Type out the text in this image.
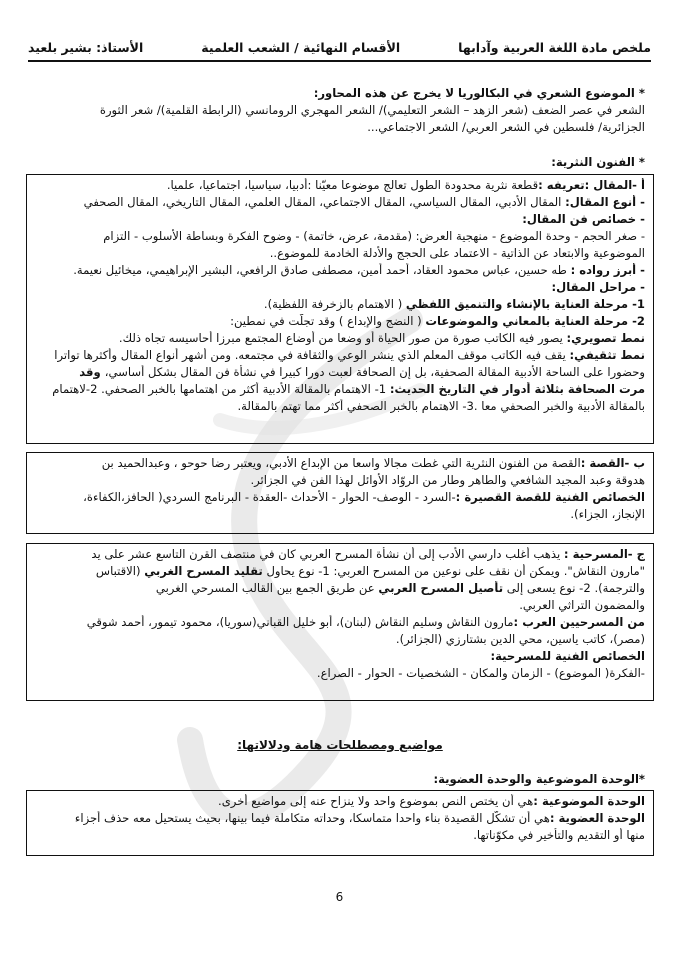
ملخص مادة اللغة العربية وآدابها
الأقسام النهائية / الشعب العلمية
الأستاذ: بشير بلعيد
* الموضوع الشعري في البكالوريا لا يخرج عن هذه المحاور:
الشعر في عصر الضعف (شعر الزهد – الشعر التعليمي)/ الشعر المهجري الرومانسي (الرابطة القلمية)/ شعر الثورة
الجزائرية/ فلسطين في الشعر العربي/ الشعر الاجتماعي...
* الفنون النثرية:
أ -المقال :تعريفه :قطعة نثرية محدودة الطول تعالج موضوعا معيّنا :أدبيا، سياسيا، اجتماعيا، علميا.
- أنوع المقال: المقال الأدبي، المقال السياسي، المقال الاجتماعي، المقال العلمي، المقال التاريخي، المقال الصحفي
- خصائص فن المقال:
- صغر الحجم - وحدة الموضوع - منهجية العرض: (مقدمة، عرض، خاتمة) - وضوح الفكرة وبساطة الأسلوب - التزام
الموضوعية والابتعاد عن الذاتية - الاعتماد على الحجج والأدلة الخادمة للموضوع..
- أبرز رواده : طه حسين، عباس محمود العقاد، أحمد أمين، مصطفى صادق الرافعي، البشير الإبراهيمي، ميخائيل نعيمة.
- مراحل المقال:
1- مرحلة العناية بالإنشاء والتنميق اللفظي ( الاهتمام بالزخرفة اللفظية).
2- مرحلة العناية بالمعاني والموضوعات ( النضج والإبداع ) وقد تجلّت في نمطين:
نمط تصويري: يصور فيه الكاتب صورة من صور الحياة أو وضعا من أوضاع المجتمع مبرزا أحاسيسه تجاه ذلك.
نمط تثقيفي: يقف فيه الكاتب موقف المعلم الذي ينشر الوعي والثقافة في مجتمعه. ومن أشهر أنواع المقال وأكثرها تواترا
وحضورا على الساحة الأدبية المقالة الصحفية، بل إن الصحافة لعبت دورا كبيرا في نشأة فن المقال بشكل أساسي، وقد
مرت الصحافة بثلاثة أدوار في التاريخ الحديث: 1- الاهتمام بالمقالة الأدبية أكثر من اهتمامها بالخبر الصحفي. 2-لاهتمام
بالمقالة الأدبية والخبر الصحفي معا .3- الاهتمام بالخبر الصحفي أكثر مما تهتم بالمقالة.
ب -القصة :القصة من الفنون النثرية التي غطت مجالا واسعا من الإبداع الأدبي، ويعتبر رضا حوحو ، وعبدالحميد بن
هدوقة وعبد المجيد الشافعي والطاهر وطار من الروّاد الأوائل لهذا الفن في الجزائر.
الخصائص الفنية للقصة القصيرة :-السرد - الوصف- الحوار - الأحداث -العقدة - البرنامج السردي( الحافز،الكفاءة،
الإنجاز، الجزاء).
ج -المسرحية : يذهب أغلب دارسي الأدب إلى أن نشأة المسرح العربي كان في منتصف القرن التاسع عشر على يد
"مارون النقاش". ويمكن أن نقف على نوعين من المسرح العربي: 1- نوع يحاول تقليد المسرح الغربي (الاقتباس
والترجمة). 2- نوع يسعى إلى تأصيل المسرح العربي عن طريق الجمع بين القالب المسرحي الغربي
والمضمون التراثي العربي.
من المسرحيين العرب :مارون النقاش وسليم النقاش (لبنان)، أبو خليل القباني(سوريا)، محمود تيمور، أحمد شوقي
(مصر)، كاتب ياسين، محي الدين بشتارزي (الجزائر).
الخصائص الفنية للمسرحية:
-الفكرة( الموضوع) - الزمان والمكان - الشخصيات - الحوار - الصراع.
مواضيع ومصطلحات هامة ودلالاتها:
*الوحدة الموضوعية والوحدة العضوية:
الوحدة الموضوعية :هي أن يختص النص بموضوع واحد ولا ينزاح عنه إلى مواضيع أخرى.
الوحدة العضوية :هي أن تشكّل القصيدة بناء واحدا متماسكا، وحداته متكاملة فيما بينها، بحيث يستحيل معه حذف أجزاء
منها أو التقديم والتأخير في مكوّناتها.
6
